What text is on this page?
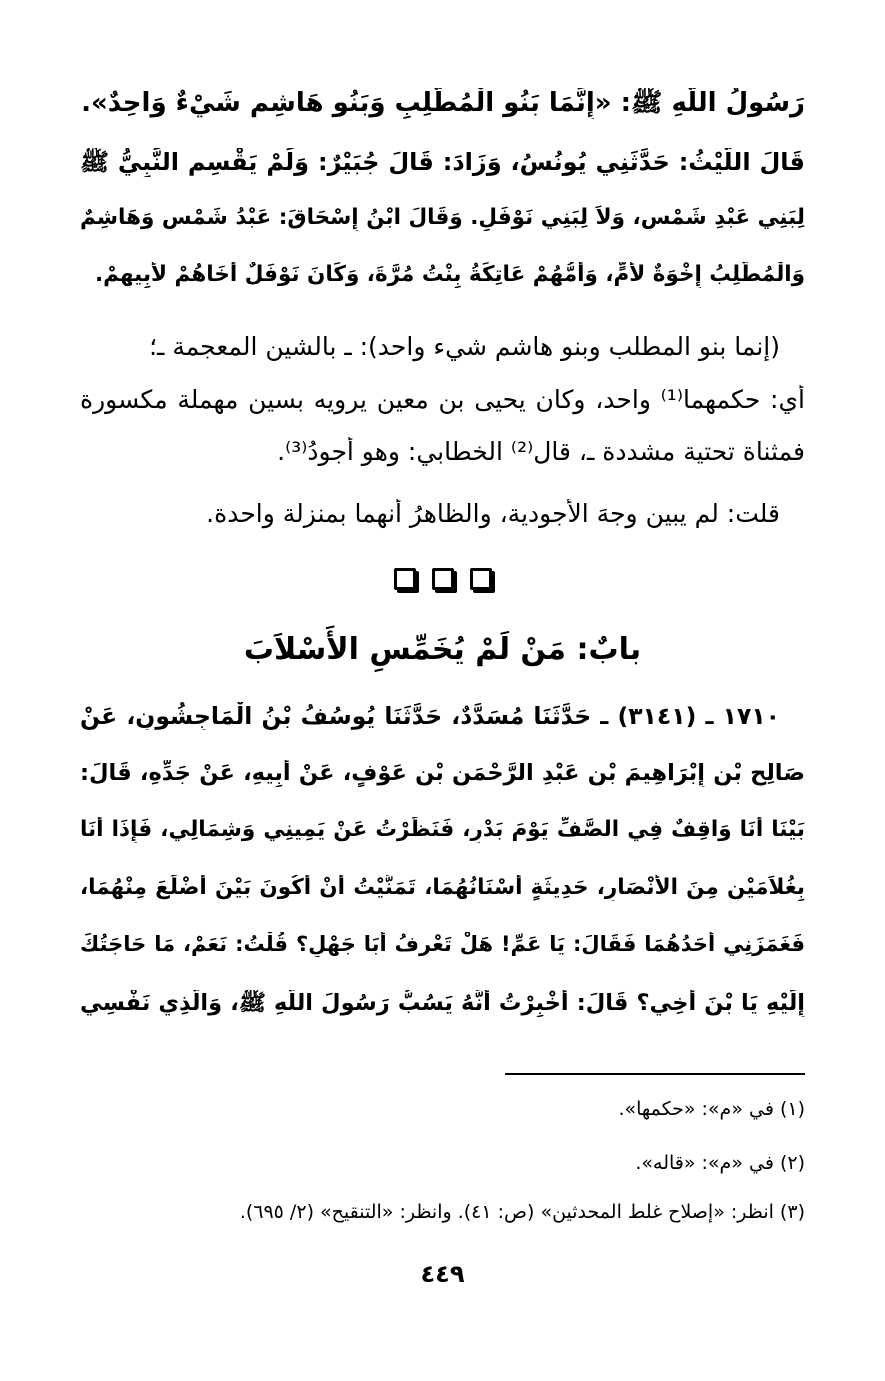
رَسُولُ اللَّهِ ﷺ: «إِنَّمَا بَنُو الْمُطَّلِبِ وَبَنُو هَاشِمٍ شَيْءٌ وَاحِدٌ».
قَالَ اللَّيْثُ: حَدَّثَنِي يُونُسُ، وَزَادَ: قَالَ جُبَيْرٌ: وَلَمْ يَقْسِمِ النَّبِيُّ ﷺ
لِبَنِي عَبْدِ شَمْسٍ، وَلاَ لِبَنِي نَوْفَلٍ. وَقَالَ ابْنُ إِسْحَاقَ: عَبْدُ شَمْسٍ وَهَاشِمٌ
وَالْمُطَّلِبُ إِخْوَةٌ لأُمٍّ، وَأُمُّهُمْ عَاتِكَةُ بِنْتُ مُرَّةَ، وَكَانَ نَوْفَلٌ أَخَاهُمْ لأَبِيهِمْ.
(إنما بنو المطلب وبنو هاشم شيء واحد): ـ بالشين المعجمة ـ؛
أي: حكمهما⁽¹⁾ واحد، وكان يحيى بن معين يرويه بسين مهملة مكسورة
فمثناة تحتية مشددة ـ، قال⁽²⁾ الخطابي: وهو أجودُ⁽³⁾.
قلت: لم يبين وجهَ الأجودية، والظاهرُ أنهما بمنزلة واحدة.
بابٌ: مَنْ لَمْ يُخَمِّسِ الأَسْلاَبَ
١٧١٠ ـ (٣١٤١) ـ حَدَّثَنَا مُسَدَّدٌ، حَدَّثَنَا يُوسُفُ بْنُ الْمَاجِشُونِ، عَنْ
صَالِحِ بْنِ إِبْرَاهِيمَ بْنِ عَبْدِ الرَّحْمَنِ بْنِ عَوْفٍ، عَنْ أَبِيهِ، عَنْ جَدِّهِ، قَالَ:
بَيْنَا أَنَا وَاقِفٌ فِي الصَّفِّ يَوْمَ بَدْرٍ، فَنَظَرْتُ عَنْ يَمِينِي وَشِمَالِي، فَإِذَا أَنَا
بِغُلاَمَيْنِ مِنَ الأَنْصَارِ، حَدِيثَةٍ أَسْنَانُهُمَا، تَمَنَّيْتُ أَنْ أَكُونَ بَيْنَ أَضْلَعَ مِنْهُمَا،
فَغَمَزَنِي أَحَدُهُمَا فَقَالَ: يَا عَمِّ! هَلْ تَعْرِفُ أَبَا جَهْلٍ؟ قُلْتُ: نَعَمْ، مَا حَاجَتُكَ
إِلَيْهِ يَا بْنَ أَخِي؟ قَالَ: أُخْبِرْتُ أَنَّهُ يَسُبُّ رَسُولَ اللَّهِ ﷺ، وَالَّذِي نَفْسِي
(١) في «م»: «حكمها».
(٢) في «م»: «قاله».
(٣) انظر: «إصلاح غلط المحدثين» (ص: ٤١). وانظر: «التنقيح» (٢/ ٦٩٥).
٤٤٩
